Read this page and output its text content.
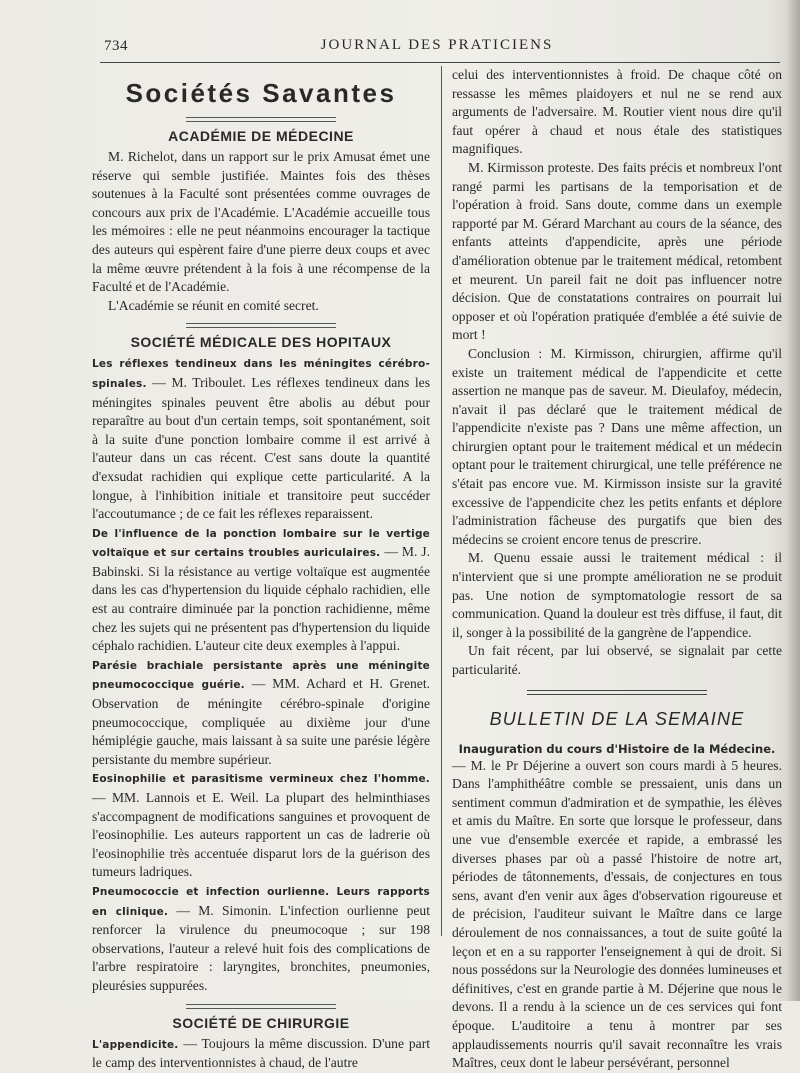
734	JOURNAL DES PRATICIENS
Sociétés Savantes
ACADÉMIE DE MÉDECINE

M. Richelot, dans un rapport sur le prix Amusat émet une réserve qui semble justifiée. Maintes fois des thèses soutenues à la Faculté sont présentées comme ouvrages de concours aux prix de l'Académie. L'Académie accueille tous les mémoires : elle ne peut néanmoins encourager la tactique des auteurs qui espèrent faire d'une pierre deux coups et avec la même œuvre prétendent à la fois à une récompense de la Faculté et de l'Académie.

L'Académie se réunit en comité secret.

SOCIÉTÉ MÉDICALE DES HOPITAUX

Les réflexes tendineux dans les méningites cérébro-spinales. — M. Triboulet. Les réflexes tendineux dans les méningites spinales peuvent être abolis au début pour reparaître au bout d'un certain temps, soit spontanément, soit à la suite d'une ponction lombaire comme il est arrivé à l'auteur dans un cas récent. C'est sans doute la quantité d'exsudat rachidien qui explique cette particularité. A la longue, à l'inhibition initiale et transitoire peut succéder l'accoutumance ; de ce fait les réflexes reparaissent.

De l'influence de la ponction lombaire sur le vertige voltaïque et sur certains troubles auriculaires. — M. J. Babinski. Si la résistance au vertige voltaïque est augmentée dans les cas d'hypertension du liquide céphalo rachidien, elle est au contraire diminuée par la ponction rachidienne, même chez les sujets qui ne présentent pas d'hypertension du liquide céphalo rachidien. L'auteur cite deux exemples à l'appui.

Parésie brachiale persistante après une méningite pneumococcique guérie. — MM. Achard et H. Grenet. Observation de méningite cérébro-spinale d'origine pneumococcique, compliquée au dixième jour d'une hémiplégie gauche, mais laissant à sa suite une parésie légère persistante du membre supérieur.

Eosinophilie et parasitisme vermineux chez l'homme. — MM. Lannois et E. Weil. La plupart des helminthiases s'accompagnent de modifications sanguines et provoquent de l'eosinophilie. Les auteurs rapportent un cas de ladrerie où l'eosinophilie très accentuée disparut lors de la guérison des tumeurs ladriques.

Pneumococcie et infection ourlienne. Leurs rapports en clinique. — M. Simonin. L'infection ourlienne peut renforcer la virulence du pneumocoque ; sur 198 observations, l'auteur a relevé huit fois des complications de l'arbre respiratoire : laryngites, bronchites, pneumonies, pleurésies suppurées.

SOCIÉTÉ DE CHIRURGIE

L'appendicite. — Toujours la même discussion. D'une part le camp des interventionnistes à chaud, de l'autre

celui des interventionnistes à froid. De chaque côté on ressasse les mêmes plaidoyers et nul ne se rend aux arguments de l'adversaire. M. Routier vient nous dire qu'il faut opérer à chaud et nous étale des statistiques magnifiques.

M. Kirmisson proteste. Des faits précis et nombreux l'ont rangé parmi les partisans de la temporisation et de l'opération à froid. Sans doute, comme dans un exemple rapporté par M. Gérard Marchant au cours de la séance, des enfants atteints d'appendicite, après une période d'amélioration obtenue par le traitement médical, retombent et meurent. Un pareil fait ne doit pas influencer notre décision. Que de constatations contraires on pourrait lui opposer et où l'opération pratiquée d'emblée a été suivie de mort !

Conclusion : M. Kirmisson, chirurgien, affirme qu'il existe un traitement médical de l'appendicite et cette assertion ne manque pas de saveur. M. Dieulafoy, médecin, n'avait il pas déclaré que le traitement médical de l'appendicite n'existe pas ? Dans une même affection, un chirurgien optant pour le traitement médical et un médecin optant pour le traitement chirurgical, une telle préférence ne s'était pas encore vue. M. Kirmisson insiste sur la gravité excessive de l'appendicite chez les petits enfants et déplore l'administration fâcheuse des purgatifs que bien des médecins se croient encore tenus de prescrire.

M. Quenu essaie aussi le traitement médical : il n'intervient que si une prompte amélioration ne se produit pas. Une notion de symptomatologie ressort de sa communication. Quand la douleur est très diffuse, il faut, dit il, songer à la possibilité de la gangrène de l'appendice.

Un fait récent, par lui observé, se signalait par cette particularité.

BULLETIN DE LA SEMAINE
Inauguration du cours d'Histoire de la Médecine.

— M. le Pr Déjerine a ouvert son cours mardi à 5 heures. Dans l'amphithéâtre comble se pressaient, unis dans un sentiment commun d'admiration et de sympathie, les élèves et amis du Maître. En sorte que lorsque le professeur, dans une vue d'ensemble exercée et rapide, a embrassé les diverses phases par où a passé l'histoire de notre art, périodes de tâtonnements, d'essais, de conjectures en tous sens, avant d'en venir aux âges d'observation rigoureuse et de précision, l'auditeur suivant le Maître dans ce large déroulement de nos connaissances, a tout de suite goûté la leçon et en a su rapporter l'enseignement à qui de droit. Si nous possédons sur la Neurologie des données lumineuses et définitives, c'est en grande partie à M. Déjerine que nous le devons. Il a rendu à la science un de ces services qui font époque. L'auditoire a tenu à montrer par ses applaudissements nourris qu'il savait reconnaître les vrais Maîtres, ceux dont le labeur persévérant, personnel
